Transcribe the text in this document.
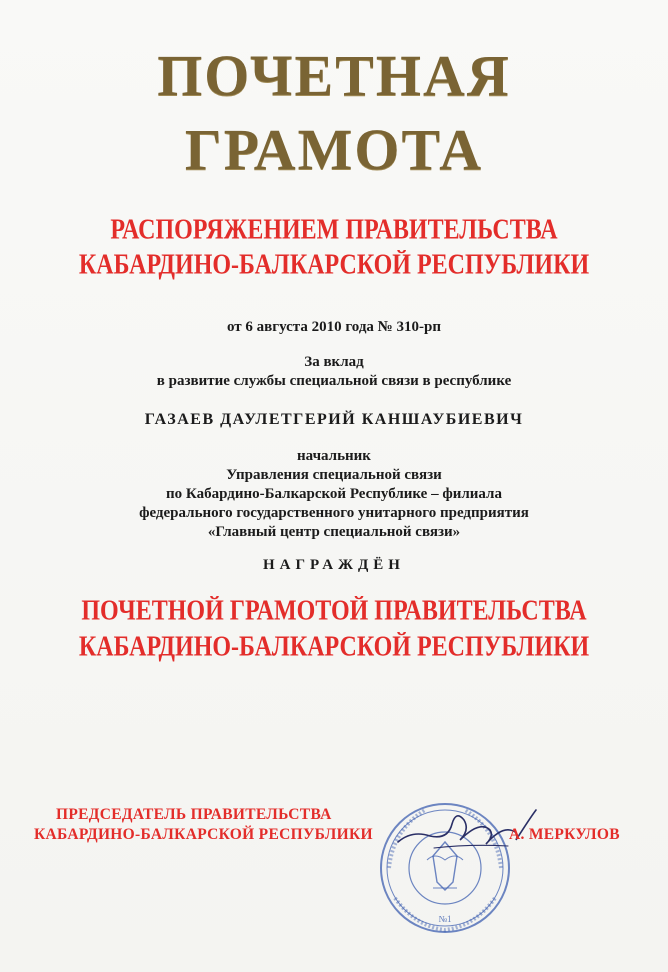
ПОЧЕТНАЯ
ГРАМОТА
РАСПОРЯЖЕНИЕМ ПРАВИТЕЛЬСТВА
КАБАРДИНО-БАЛКАРСКОЙ РЕСПУБЛИКИ
от 6 августа 2010 года № 310-рп
За вклад
в развитие службы специальной связи в республике
ГАЗАЕВ ДАУЛЕТГЕРИЙ КАНШАУБИЕВИЧ
начальник
Управления специальной связи
по Кабардино-Балкарской Республике – филиала
федерального государственного унитарного предприятия
«Главный центр специальной связи»
НАГРАЖДЁН
ПОЧЕТНОЙ ГРАМОТОЙ ПРАВИТЕЛЬСТВА
КАБАРДИНО-БАЛКАРСКОЙ РЕСПУБЛИКИ
№1
ПРЕДСЕДАТЕЛЬ ПРАВИТЕЛЬСТВА
КАБАРДИНО-БАЛКАРСКОЙ РЕСПУБЛИКИ	А. МЕРКУЛОВ
